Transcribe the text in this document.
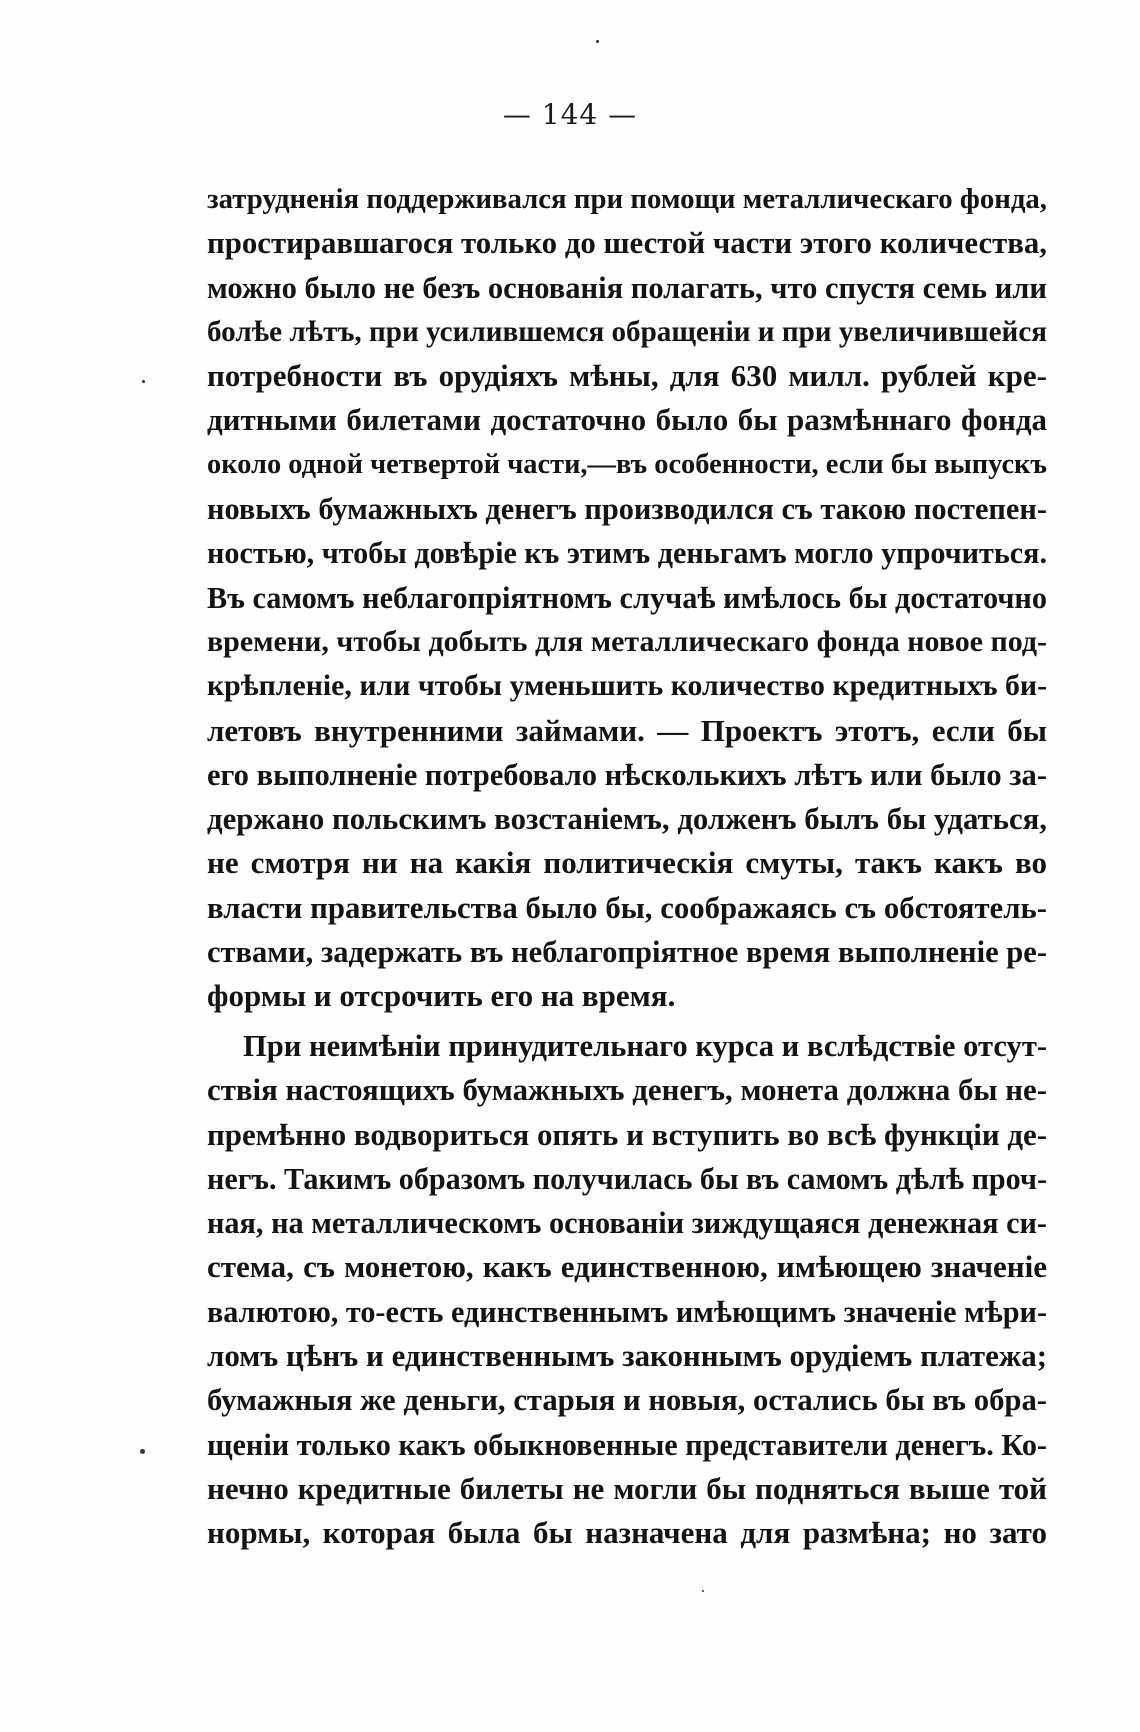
— 144 —
затрудненія поддерживался при помощи металлическаго фонда,
простиравшагося только до шестой части этого количества,
можно было не безъ основанія полагать, что спустя семь или
болѣе лѣтъ, при усилившемся обращеніи и при увеличившейся
потребности въ орудіяхъ мѣны, для 630 милл. рублей кре-
дитными билетами достаточно было бы размѣннаго фонда
около одной четвертой части,—въ особенности, если бы выпускъ
новыхъ бумажныхъ денегъ производился съ такою постепен-
ностью, чтобы довѣріе къ этимъ деньгамъ могло упрочиться.
Въ самомъ неблагопріятномъ случаѣ имѣлось бы достаточно
времени, чтобы добыть для металлическаго фонда новое под-
крѣпленіе, или чтобы уменьшить количество кредитныхъ би-
летовъ внутренними займами. — Проектъ этотъ, если бы
его выполненіе потребовало нѣсколькихъ лѣтъ или было за-
держано польскимъ возстаніемъ, долженъ былъ бы удаться,
не смотря ни на какія политическія смуты, такъ какъ во
власти правительства было бы, соображаясь съ обстоятель-
ствами, задержать въ неблагопріятное время выполненіе ре-
формы и отсрочить его на время.
При неимѣніи принудительнаго курса и вслѣдствіе отсут-
ствія настоящихъ бумажныхъ денегъ, монета должна бы не-
премѣнно водвориться опять и вступить во всѣ функціи де-
негъ. Такимъ образомъ получилась бы въ самомъ дѣлѣ проч-
ная, на металлическомъ основаніи зиждущаяся денежная си-
стема, съ монетою, какъ единственною, имѣющею значеніе
валютою, то-есть единственнымъ имѣющимъ значеніе мѣри-
ломъ цѣнъ и единственнымъ законнымъ орудіемъ платежа;
бумажныя же деньги, старыя и новыя, остались бы въ обра-
щеніи только какъ обыкновенные представители денегъ. Ко-
нечно кредитные билеты не могли бы подняться выше той
нормы, которая была бы назначена для размѣна; но зато
